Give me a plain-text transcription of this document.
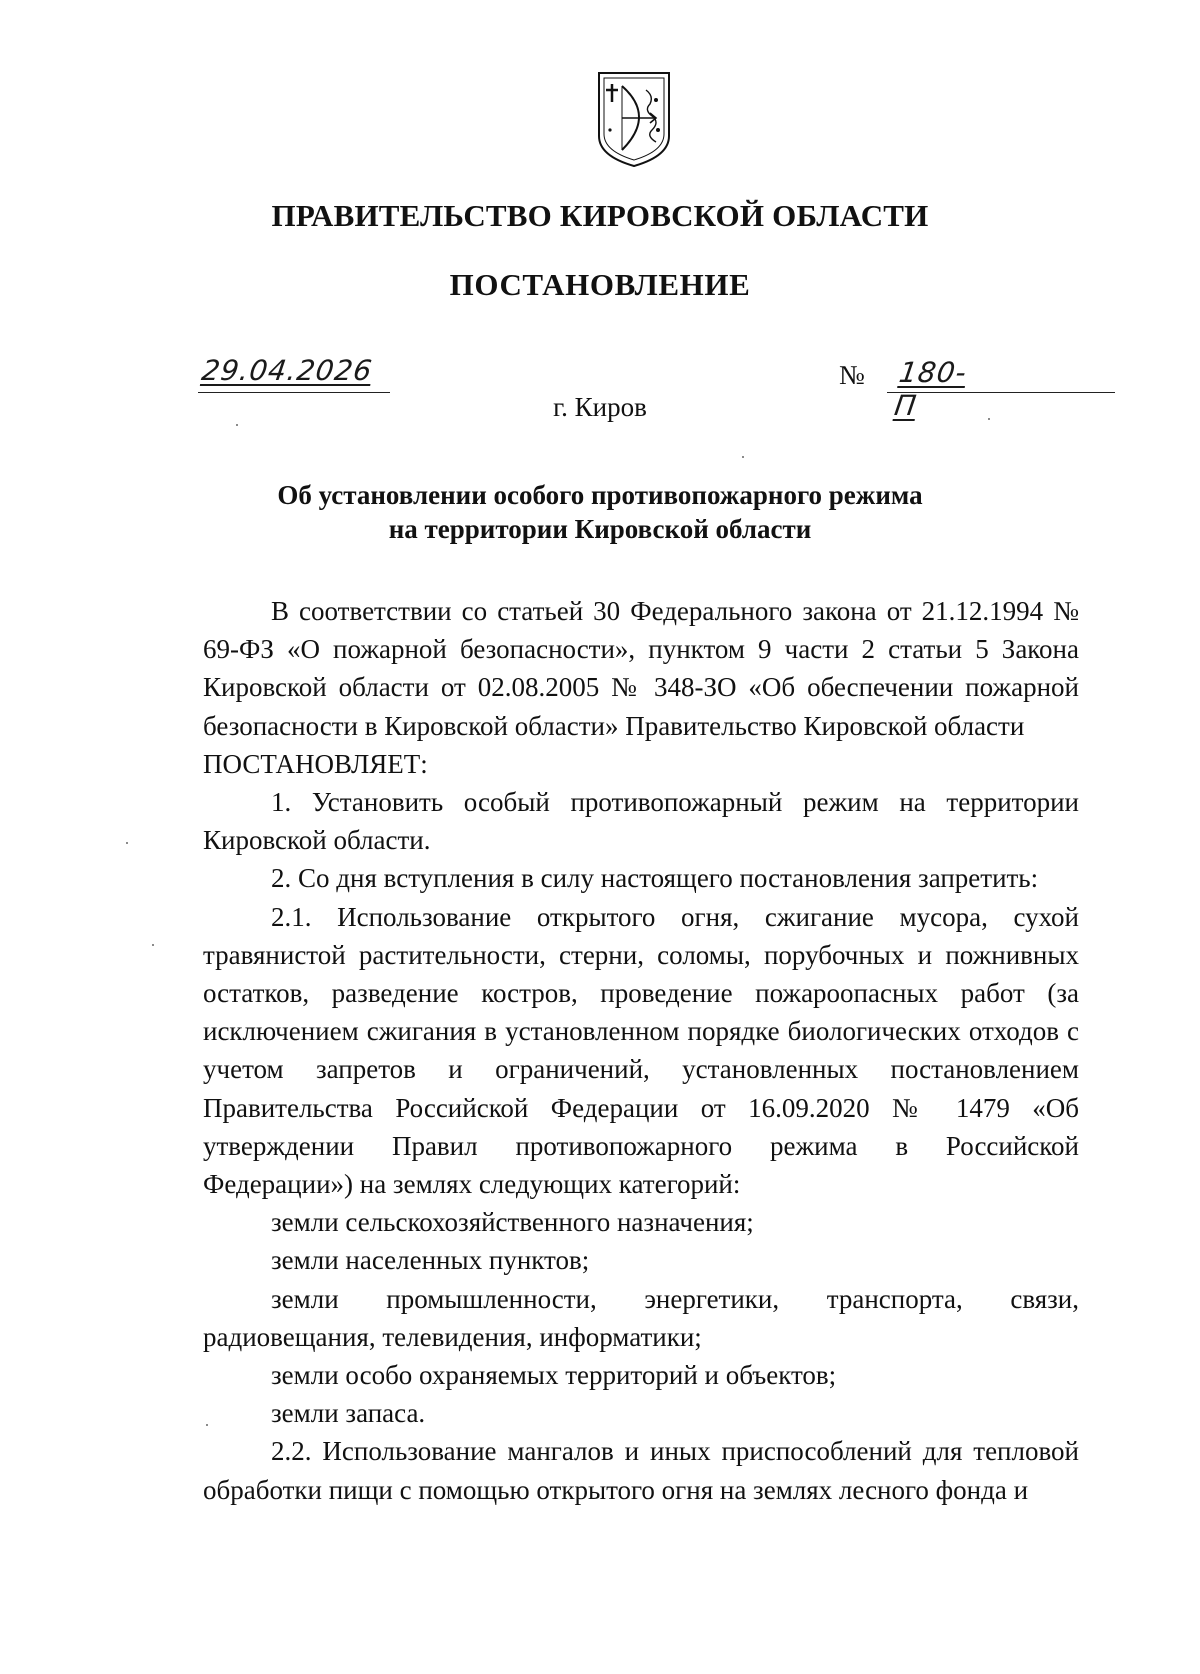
ПРАВИТЕЛЬСТВО КИРОВСКОЙ ОБЛАСТИ
ПОСТАНОВЛЕНИЕ
29.04.2026	№ 180-П
г. Киров
Об установлении особого противопожарного режима
на территории Кировской области

В соответствии со статьей 30 Федерального закона от 21.12.1994 № 69-ФЗ «О пожарной безопасности», пунктом 9 части 2 статьи 5 Закона Кировской области от 02.08.2005 № 348-ЗО «Об обеспечении пожарной безопасности в Кировской области» Правительство Кировской области

ПОСТАНОВЛЯЕТ:

1. Установить особый противопожарный режим на территории Кировской области.

2. Со дня вступления в силу настоящего постановления запретить:

2.1. Использование открытого огня, сжигание мусора, сухой травянистой растительности, стерни, соломы, порубочных и пожнивных остатков, разведение костров, проведение пожароопасных работ (за исключением сжигания в установленном порядке биологических отходов с учетом запретов и ограничений, установленных постановлением Правительства Российской Федерации от 16.09.2020 № 1479 «Об утверждении Правил противопожарного режима в Российской Федерации») на землях следующих категорий:

земли сельскохозяйственного назначения;

земли населенных пунктов;

земли промышленности, энергетики, транспорта, связи, радиовещания, телевидения, информатики;

земли особо охраняемых территорий и объектов;

земли запаса.

2.2. Использование мангалов и иных приспособлений для тепловой обработки пищи с помощью открытого огня на землях лесного фонда и
